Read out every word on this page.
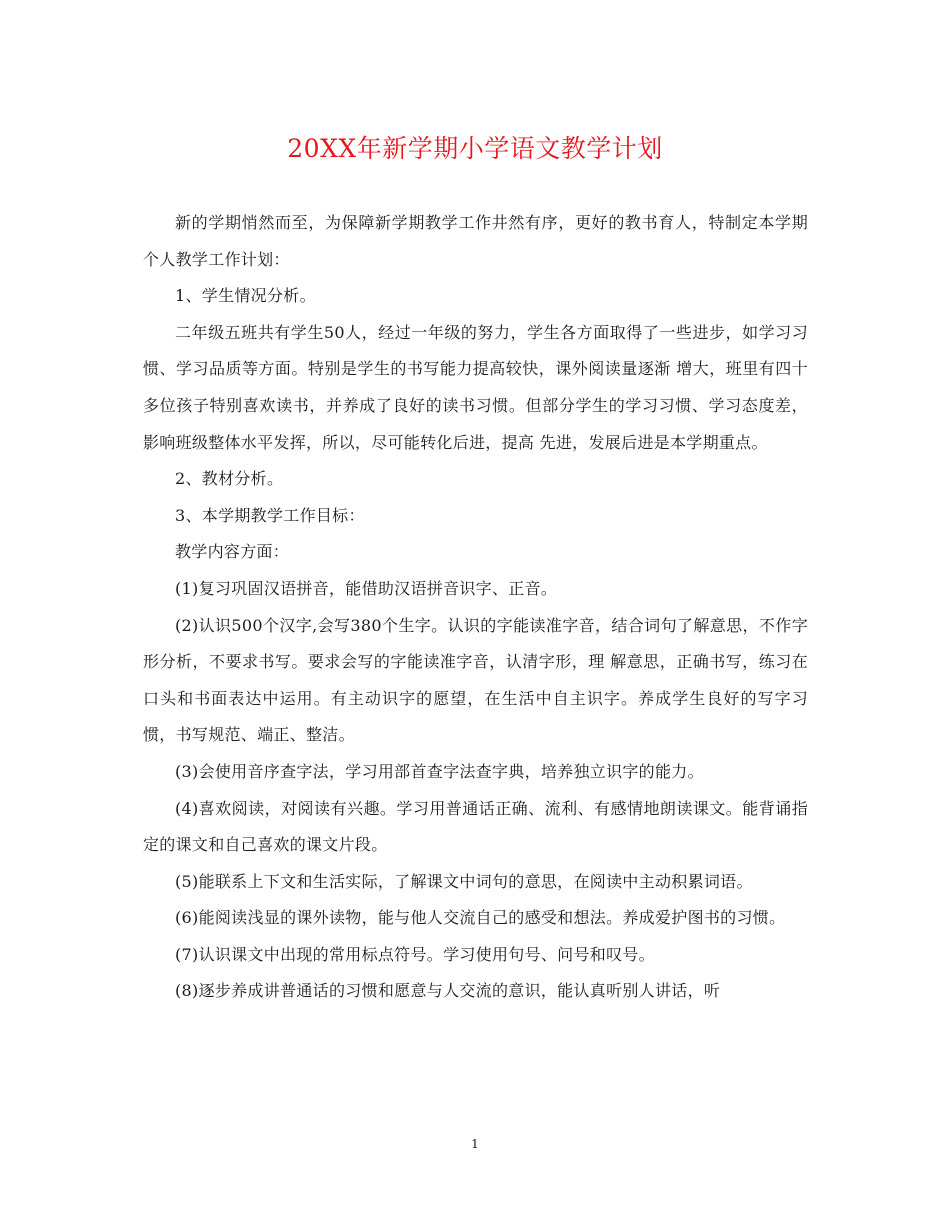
20XX年新学期小学语文教学计划

新的学期悄然而至，为保障新学期教学工作井然有序，更好的教书育人，特制定本学期个人教学工作计划：

1、学生情况分析。

二年级五班共有学生50人，经过一年级的努力，学生各方面取得了一些进步，如学习习惯、学习品质等方面。特别是学生的书写能力提高较快，课外阅读量逐渐 增大，班里有四十多位孩子特别喜欢读书，并养成了良好的读书习惯。但部分学生的学习习惯、学习态度差，影响班级整体水平发挥，所以，尽可能转化后进，提高 先进，发展后进是本学期重点。

2、教材分析。

3、本学期教学工作目标：

教学内容方面：

(1)复习巩固汉语拼音，能借助汉语拼音识字、正音。

(2)认识500个汉字,会写380个生字。认识的字能读准字音，结合词句了解意思，不作字形分析，不要求书写。要求会写的字能读准字音，认清字形，理 解意思，正确书写，练习在口头和书面表达中运用。有主动识字的愿望，在生活中自主识字。养成学生良好的写字习惯，书写规范、端正、整洁。

(3)会使用音序查字法，学习用部首查字法查字典，培养独立识字的能力。

(4)喜欢阅读，对阅读有兴趣。学习用普通话正确、流利、有感情地朗读课文。能背诵指定的课文和自己喜欢的课文片段。

(5)能联系上下文和生活实际，了解课文中词句的意思，在阅读中主动积累词语。

(6)能阅读浅显的课外读物，能与他人交流自己的感受和想法。养成爱护图书的习惯。

(7)认识课文中出现的常用标点符号。学习使用句号、问号和叹号。

(8)逐步养成讲普通话的习惯和愿意与人交流的意识，能认真听别人讲话，听

1
